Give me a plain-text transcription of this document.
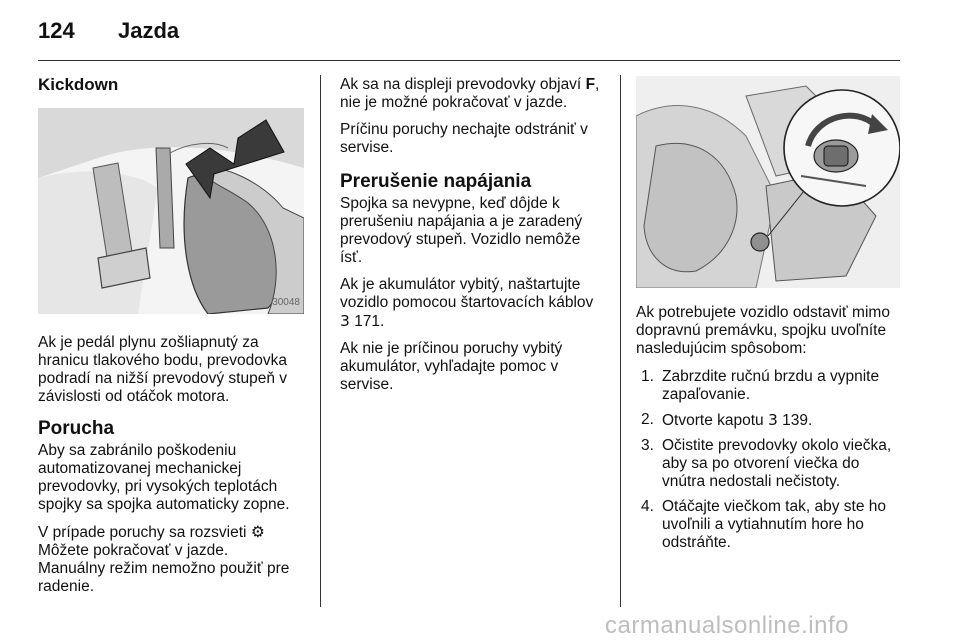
124 Jazda
Kickdown
30048

Ak je pedál plynu zošliapnutý za hranicu tlakového bodu, prevodovka podradí na nižší prevodový stupeň v závislosti od otáčok motora.

Porucha

Aby sa zabránilo poškodeniu automatizovanej mechanickej prevodovky, pri vysokých teplotách spojky sa spojka automaticky zopne.

V prípade poruchy sa rozsvieti ⚙
Môžete pokračovať v jazde.
Manuálny režim nemožno použiť pre radenie.

Ak sa na displeji prevodovky objaví F, nie je možné pokračovať v jazde.

Príčinu poruchy nechajte odstrániť v servise.

Prerušenie napájania

Spojka sa nevypne, keď dôjde k prerušeniu napájania a je zaradený prevodový stupeň. Vozidlo nemôže ísť.

Ak je akumulátor vybitý, naštartujte vozidlo pomocou štartovacích káblov 3 171.

Ak nie je príčinou poruchy vybitý akumulátor, vyhľadajte pomoc v servise.

Ak potrebujete vozidlo odstaviť mimo dopravnú premávku, spojku uvoľníte nasledujúcim spôsobom:

1. Zabrzdite ručnú brzdu a vypnite zapaľovanie.
2. Otvorte kapotu 3 139.
3. Očistite prevodovky okolo viečka, aby sa po otvorení viečka do vnútra nedostali nečistoty.
4. Otáčajte viečkom tak, aby ste ho uvoľnili a vytiahnutím hore ho odstráňte.
carmanualsonline.info
